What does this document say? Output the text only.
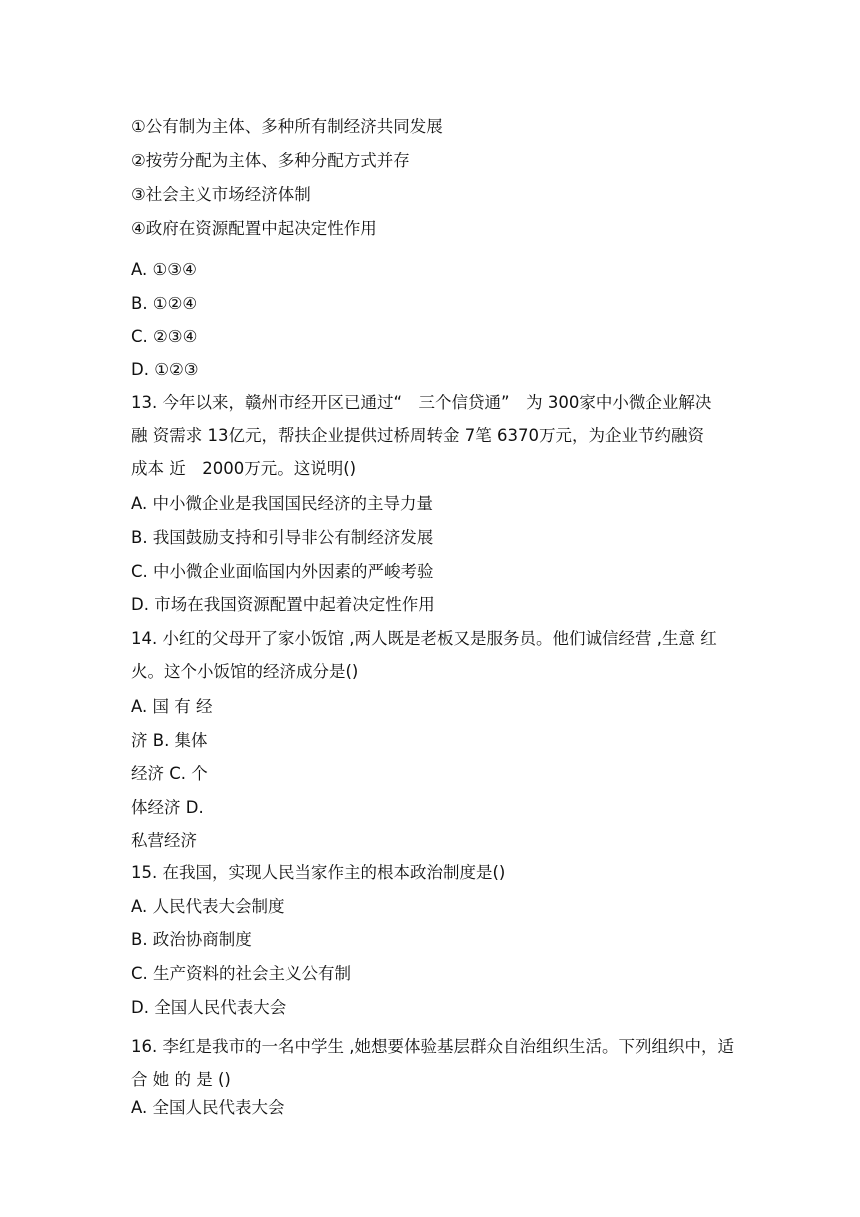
①公有制为主体、多种所有制经济共同发展
②按劳分配为主体、多种分配方式并存
③社会主义市场经济体制
④政府在资源配置中起决定性作用
A. ①③④
B. ①②④
C. ②③④
D. ①②③
13. 今年以来，赣州市经开区已通过“　三个信贷通”　为 300家中小微企业解决
融 资需求 13亿元，帮扶企业提供过桥周转金 7笔 6370万元，为企业节约融资
成本 近　2000万元。这说明()
A. 中小微企业是我国国民经济的主导力量
B. 我国鼓励支持和引导非公有制经济发展
C. 中小微企业面临国内外因素的严峻考验
D. 市场在我国资源配置中起着决定性作用
14. 小红的父母开了家小饭馆 ,两人既是老板又是服务员。他们诚信经营 ,生意 红
火。这个小饭馆的经济成分是()
A. 国 有 经
济 B. 集体
经济 C. 个
体经济 D.
私营经济
15. 在我国，实现人民当家作主的根本政治制度是()
A. 人民代表大会制度
B. 政治协商制度
C. 生产资料的社会主义公有制
D. 全国人民代表大会
16. 李红是我市的一名中学生 ,她想要体验基层群众自治组织生活。下列组织中，适
合 她 的 是 ()
A. 全国人民代表大会
